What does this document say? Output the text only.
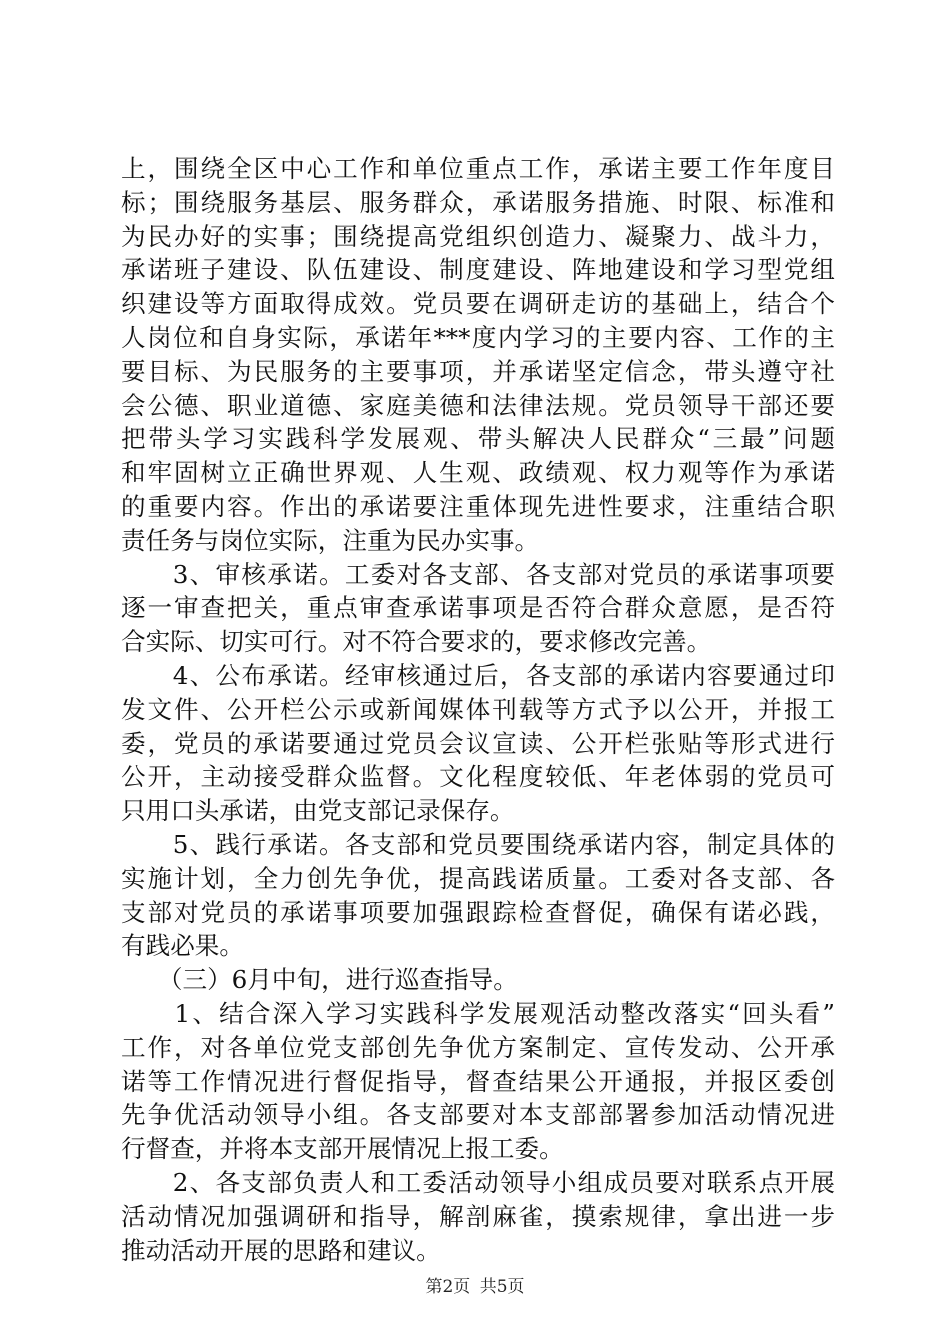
上，围绕全区中心工作和单位重点工作，承诺主要工作年度目
标；围绕服务基层、服务群众，承诺服务措施、时限、标准和
为民办好的实事；围绕提高党组织创造力、凝聚力、战斗力，
承诺班子建设、队伍建设、制度建设、阵地建设和学习型党组
织建设等方面取得成效。党员要在调研走访的基础上，结合个
人岗位和自身实际，承诺年***度内学习的主要内容、工作的主
要目标、为民服务的主要事项，并承诺坚定信念，带头遵守社
会公德、职业道德、家庭美德和法律法规。党员领导干部还要
把带头学习实践科学发展观、带头解决人民群众“三最”问题
和牢固树立正确世界观、人生观、政绩观、权力观等作为承诺
的重要内容。作出的承诺要注重体现先进性要求，注重结合职
责任务与岗位实际，注重为民办实事。
　　3、审核承诺。工委对各支部、各支部对党员的承诺事项要
逐一审查把关，重点审查承诺事项是否符合群众意愿，是否符
合实际、切实可行。对不符合要求的，要求修改完善。
　　4、公布承诺。经审核通过后，各支部的承诺内容要通过印
发文件、公开栏公示或新闻媒体刊载等方式予以公开，并报工
委，党员的承诺要通过党员会议宣读、公开栏张贴等形式进行
公开，主动接受群众监督。文化程度较低、年老体弱的党员可
只用口头承诺，由党支部记录保存。
　　5、践行承诺。各支部和党员要围绕承诺内容，制定具体的
实施计划，全力创先争优，提高践诺质量。工委对各支部、各
支部对党员的承诺事项要加强跟踪检查督促，确保有诺必践，
有践必果。
　　（三）6月中旬，进行巡查指导。
　　1、结合深入学习实践科学发展观活动整改落实“回头看”
工作，对各单位党支部创先争优方案制定、宣传发动、公开承
诺等工作情况进行督促指导，督查结果公开通报，并报区委创
先争优活动领导小组。各支部要对本支部部署参加活动情况进
行督查，并将本支部开展情况上报工委。
　　2、各支部负责人和工委活动领导小组成员要对联系点开展
活动情况加强调研和指导，解剖麻雀，摸索规律，拿出进一步
推动活动开展的思路和建议。
第2页 共5页
